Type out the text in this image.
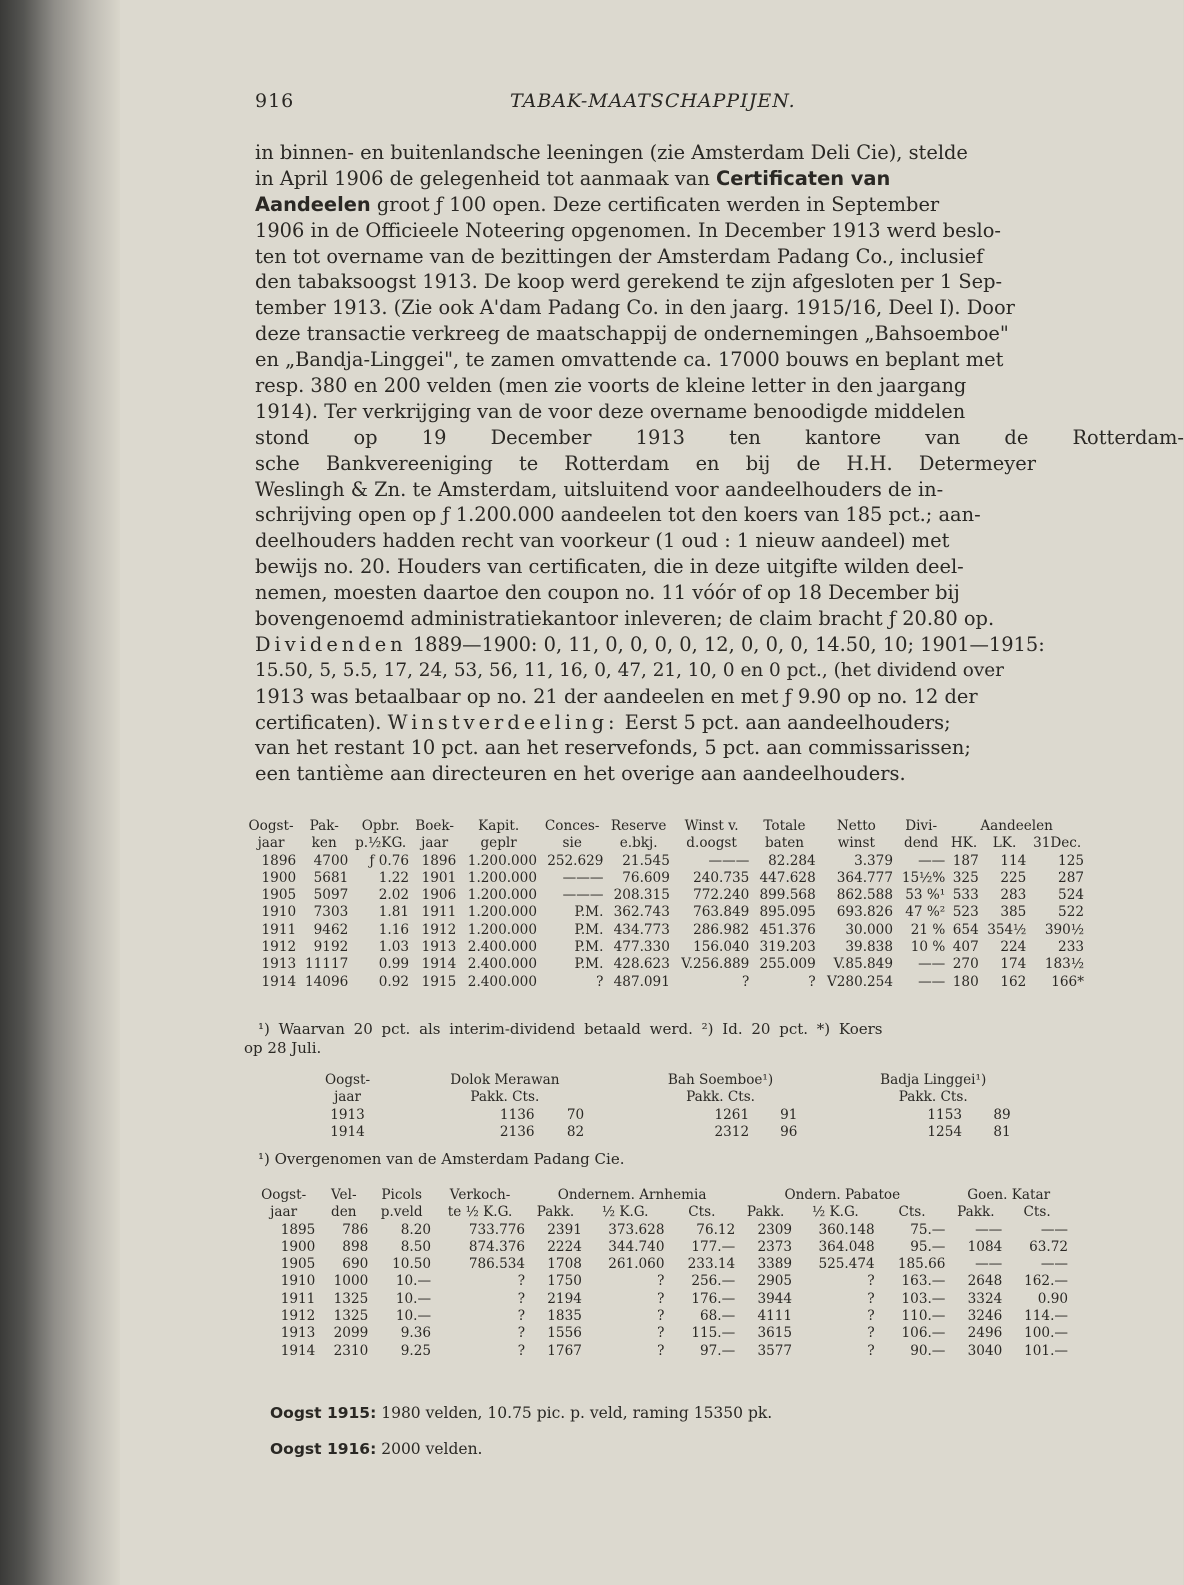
916	TABAK-MAATSCHAPPIJEN.
in binnen- en buitenlandsche leeningen (zie Amsterdam Deli Cie), stelde
in April 1906 de gelegenheid tot aanmaak van Certificaten van
Aandeelen groot ƒ 100 open. Deze certificaten werden in September
1906 in de Officieele Noteering opgenomen. In December 1913 werd beslo-
ten tot overname van de bezittingen der Amsterdam Padang Co., inclusief
den tabaksoogst 1913. De koop werd gerekend te zijn afgesloten per 1 Sep-
tember 1913. (Zie ook A'dam Padang Co. in den jaarg. 1915/16, Deel I). Door
deze transactie verkreeg de maatschappij de ondernemingen „Bahsoemboe"
en „Bandja-Linggei", te zamen omvattende ca. 17000 bouws en beplant met
resp. 380 en 200 velden (men zie voorts de kleine letter in den jaargang
1914). Ter verkrijging van de voor deze overname benoodigde middelen
stond op 19 December 1913 ten kantore van de Rotterdam-
sche Bankvereeniging te Rotterdam en bij de H.H. Determeyer
Weslingh & Zn. te Amsterdam, uitsluitend voor aandeelhouders de in-
schrijving open op ƒ 1.200.000 aandeelen tot den koers van 185 pct.; aan-
deelhouders hadden recht van voorkeur (1 oud : 1 nieuw aandeel) met
bewijs no. 20. Houders van certificaten, die in deze uitgifte wilden deel-
nemen, moesten daartoe den coupon no. 11 vóór of op 18 December bij
bovengenoemd administratiekantoor inleveren; de claim bracht ƒ 20.80 op.
Dividenden 1889—1900: 0, 11, 0, 0, 0, 0, 12, 0, 0, 0, 14.50, 10; 1901—1915:
15.50, 5, 5.5, 17, 24, 53, 56, 11, 16, 0, 47, 21, 10, 0 en 0 pct., (het dividend over
1913 was betaalbaar op no. 21 der aandeelen en met ƒ 9.90 op no. 12 der
certificaten). Winstverdeeling: Eerst 5 pct. aan aandeelhouders;
van het restant 10 pct. aan het reservefonds, 5 pct. aan commissarissen;
een tantième aan directeuren en het overige aan aandeelhouders.
Oogst-	Pak-	Opbr.	Boek-	Kapit.	Conces-	Reserve	Winst v.	Totale	Netto	Divi-	Aandeelen		
jaar	ken	p.½KG.	jaar	geplr	sie	e.bkj.	d.oogst	baten	winst	dend	HK.	LK.	31Dec.
1896	4700	ƒ 0.76	1896	1.200.000	252.629	21.545	———	82.284	3.379	——	187	114	125
1900	5681	1.22	1901	1.200.000	———	76.609	240.735	447.628	364.777	15½%	325	225	287
1905	5097	2.02	1906	1.200.000	———	208.315	772.240	899.568	862.588	53 %¹	533	283	524
1910	7303	1.81	1911	1.200.000	P.M.	362.743	763.849	895.095	693.826	47 %²	523	385	522
1911	9462	1.16	1912	1.200.000	P.M.	434.773	286.982	451.376	30.000	21 %	654	354½	390½
1912	9192	1.03	1913	2.400.000	P.M.	477.330	156.040	319.203	39.838	10 %	407	224	233
1913	11117	0.99	1914	2.400.000	P.M.	428.623	V.256.889	255.009	V.85.849	——	270	174	183½
1914	14096	0.92	1915	2.400.000	?	487.091	?	?	V280.254	——	180	162	166*
¹) Waarvan 20 pct. als interim-dividend betaald werd. ²) Id. 20 pct. *) Koers
op 28 Juli.
Oogst-	Dolok Merawan		Bah Soemboe¹)		Badja Linggei¹)	
jaar	Pakk. Cts.		Pakk. Cts.		Pakk. Cts.	
1913	1136	70	1261	91	1153	89
1914	2136	82	2312	96	1254	81
¹) Overgenomen van de Amsterdam Padang Cie.
Oogst-	Vel-	Picols	Verkoch-	Ondernem. Arnhemia			Ondern. Pabatoe			Goen. Katar	
jaar	den	p.veld	te ½ K.G.	Pakk.	½ K.G.	Cts.	Pakk.	½ K.G.	Cts.	Pakk.	Cts.
1895	786	8.20	733.776	2391	373.628	76.12	2309	360.148	75.—	——	——
1900	898	8.50	874.376	2224	344.740	177.—	2373	364.048	95.—	1084	63.72
1905	690	10.50	786.534	1708	261.060	233.14	3389	525.474	185.66	——	——
1910	1000	10.—	?	1750	?	256.—	2905	?	163.—	2648	162.—
1911	1325	10.—	?	2194	?	176.—	3944	?	103.—	3324	0.90
1912	1325	10.—	?	1835	?	68.—	4111	?	110.—	3246	114.—
1913	2099	9.36	?	1556	?	115.—	3615	?	106.—	2496	100.—
1914	2310	9.25	?	1767	?	97.—	3577	?	90.—	3040	101.—
Oogst 1915: 1980 velden, 10.75 pic. p. veld, raming 15350 pk.
Oogst 1916: 2000 velden.
